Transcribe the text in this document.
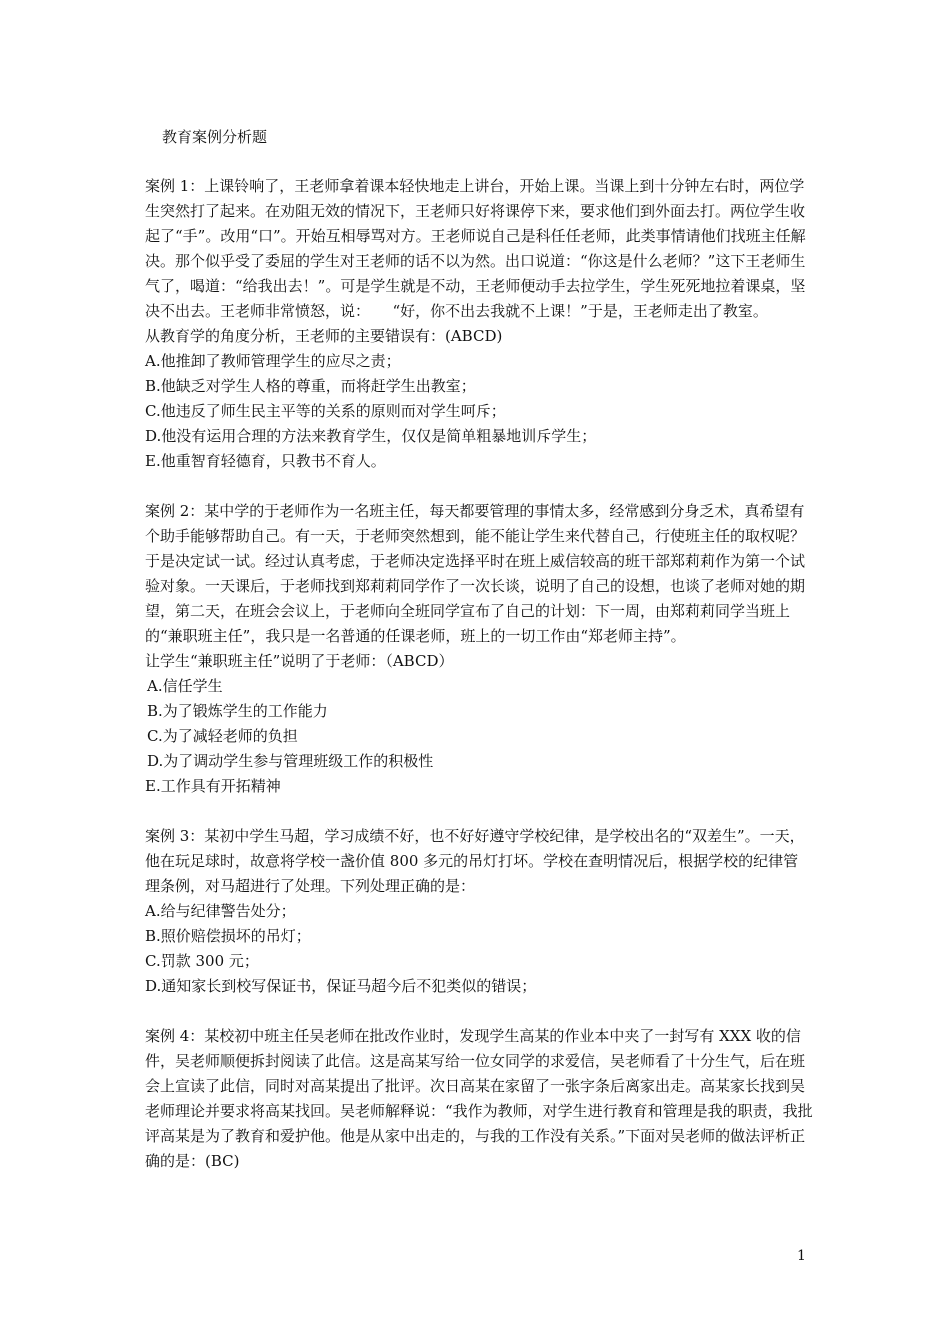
教育案例分析题

案例 1：上课铃响了，王老师拿着课本轻快地走上讲台，开始上课。当课上到十分钟左右时，两位学生突然打了起来。在劝阻无效的情况下，王老师只好将课停下来，要求他们到外面去打。两位学生收起了“手”。改用“口”。开始互相辱骂对方。王老师说自己是科任任老师，此类事情请他们找班主任解决。那个似乎受了委屈的学生对王老师的话不以为然。出口说道：“你这是什么老师？”这下王老师生气了，喝道：“给我出去！”。可是学生就是不动，王老师便动手去拉学生，学生死死地拉着课桌，坚决不出去。王老师非常愤怒，说：　　“好，你不出去我就不上课！”于是，王老师走出了教室。

从教育学的角度分析，王老师的主要错误有：(ABCD)

A.他推卸了教师管理学生的应尽之责；

B.他缺乏对学生人格的尊重，而将赶学生出教室；

C.他违反了师生民主平等的关系的原则而对学生呵斥；

D.他没有运用合理的方法来教育学生，仅仅是简单粗暴地训斥学生；

E.他重智育轻德育，只教书不育人。

案例 2：某中学的于老师作为一名班主任，每天都要管理的事情太多，经常感到分身乏术，真希望有个助手能够帮助自己。有一天，于老师突然想到，能不能让学生来代替自己，行使班主任的取权呢？于是决定试一试。经过认真考虑，于老师决定选择平时在班上威信较高的班干部郑莉莉作为第一个试验对象。一天课后，于老师找到郑莉莉同学作了一次长谈，说明了自己的设想，也谈了老师对她的期望，第二天，在班会会议上，于老师向全班同学宣布了自己的计划：下一周，由郑莉莉同学当班上的“兼职班主任”，我只是一名普通的任课老师，班上的一切工作由“郑老师主持”。

让学生“兼职班主任”说明了于老师：（ABCD）

A.信任学生

B.为了锻炼学生的工作能力

C.为了减轻老师的负担

D.为了调动学生参与管理班级工作的积极性

E.工作具有开拓精神

案例 3：某初中学生马超，学习成绩不好，也不好好遵守学校纪律，是学校出名的“双差生”。一天，他在玩足球时，故意将学校一盏价值 800 多元的吊灯打坏。学校在查明情况后，根据学校的纪律管理条例，对马超进行了处理。下列处理正确的是：

A.给与纪律警告处分；

B.照价赔偿损坏的吊灯；

C.罚款 300 元；

D.通知家长到校写保证书，保证马超今后不犯类似的错误；

案例 4：某校初中班主任吴老师在批改作业时，发现学生高某的作业本中夹了一封写有 XXX 收的信件，吴老师顺便拆封阅读了此信。这是高某写给一位女同学的求爱信，吴老师看了十分生气，后在班会上宣读了此信，同时对高某提出了批评。次日高某在家留了一张字条后离家出走。高某家长找到吴老师理论并要求将高某找回。吴老师解释说：“我作为教师，对学生进行教育和管理是我的职责，我批评高某是为了教育和爱护他。他是从家中出走的，与我的工作没有关系。”下面对吴老师的做法评析正确的是：(BC)

1
